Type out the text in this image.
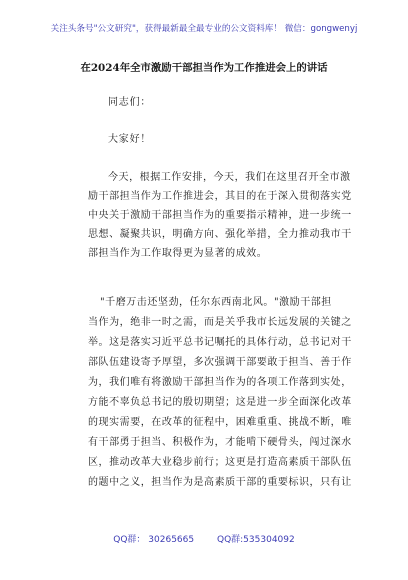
关注头条号"公文研究"，获得最新最全最专业的公文资料库！ 微信：gongwenyj
在2024年全市激励干部担当作为工作推进会上的讲话
同志们：
大家好！
今天，根据工作安排，今天，我们在这里召开全市激
励干部担当作为工作推进会，其目的在于深入贯彻落实党
中央关于激励干部担当作为的重要指示精神，进一步统一
思想、凝聚共识，明确方向、强化举措，全力推动我市干
部担当作为工作取得更为显著的成效。
"千磨万击还坚劲，任尔东西南北风。"激励干部担
当作为，绝非一时之需，而是关乎我市长远发展的关键之
举。这是落实习近平总书记嘱托的具体行动，总书记对干
部队伍建设寄予厚望，多次强调干部要敢于担当、善于作
为，我们唯有将激励干部担当作为的各项工作落到实处，
方能不辜负总书记的殷切期望；这是进一步全面深化改革
的现实需要，在改革的征程中，困难重重、挑战不断，唯
有干部勇于担当、积极作为，才能啃下硬骨头，闯过深水
区，推动改革大业稳步前行；这更是打造高素质干部队伍
的题中之义，担当作为是高素质干部的重要标识，只有让
QQ群： 30265665	QQ群:535304092
